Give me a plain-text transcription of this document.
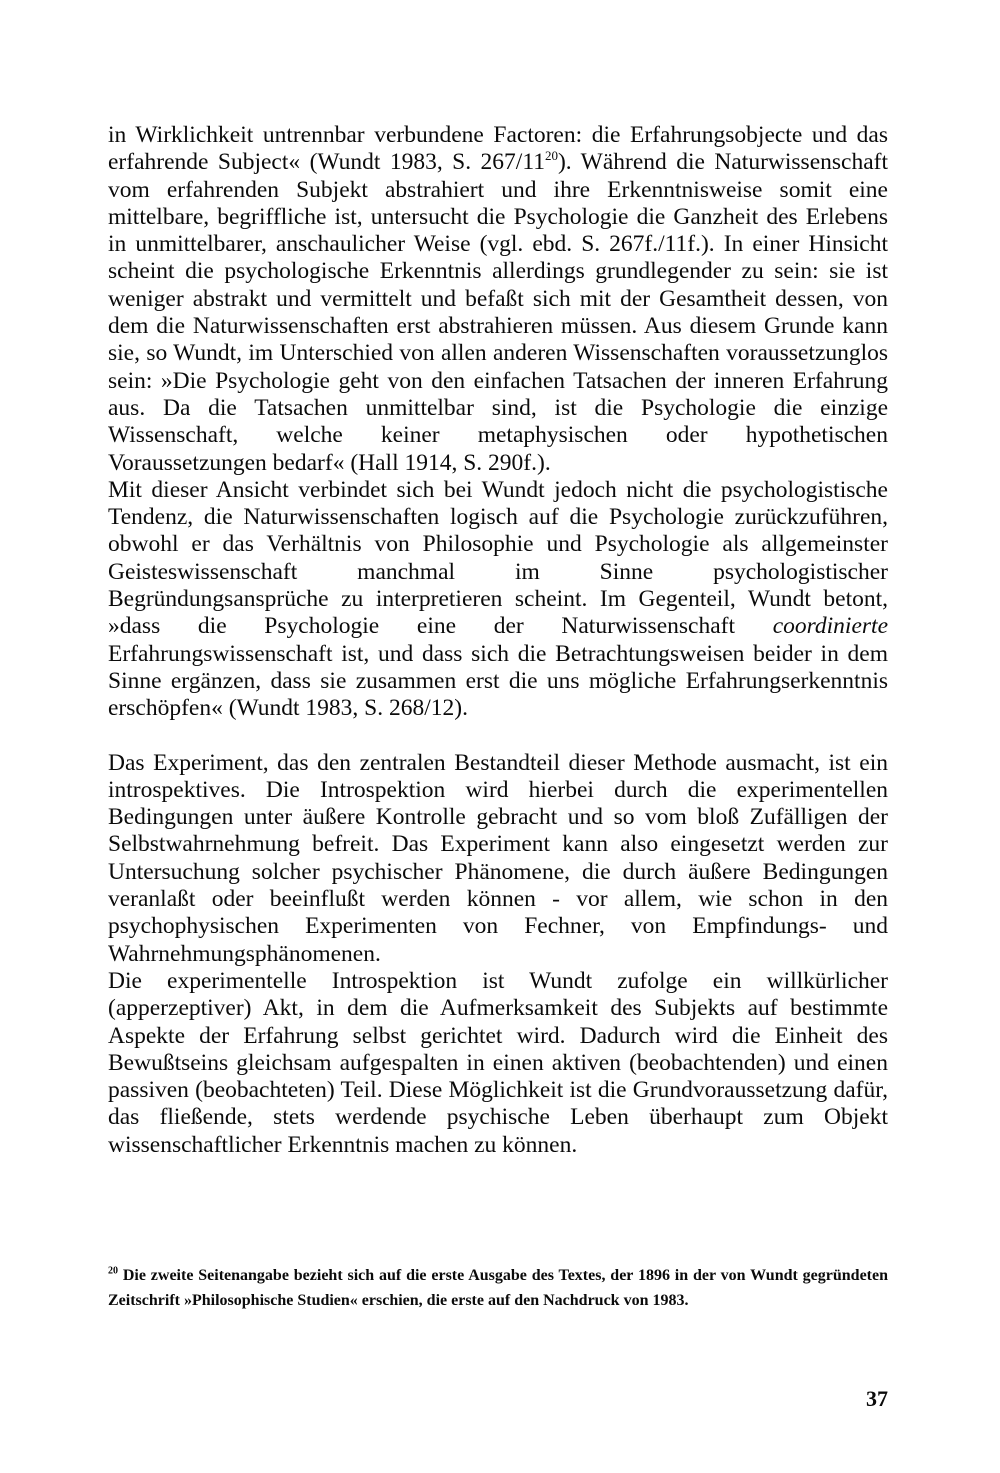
in Wirklichkeit untrennbar verbundene Factoren: die Erfahrungsobjecte und das erfahrende Subject« (Wundt 1983, S. 267/11$^{20}$). Während die Naturwissenschaft vom erfahrenden Subjekt abstrahiert und ihre Erkenntnisweise somit eine mittelbare, begriffliche ist, untersucht die Psychologie die Ganzheit des Erlebens in unmittelbarer, anschaulicher Weise (vgl. ebd. S. 267f./11f.). In einer Hinsicht scheint die psychologische Erkenntnis allerdings grundlegender zu sein: sie ist weniger abstrakt und vermittelt und befaßt sich mit der Gesamtheit dessen, von dem die Naturwissenschaften erst abstrahieren müssen. Aus diesem Grunde kann sie, so Wundt, im Unterschied von allen anderen Wissenschaften voraussetzunglos sein: »Die Psychologie geht von den einfachen Tatsachen der inneren Erfahrung aus. Da die Tatsachen unmittelbar sind, ist die Psychologie die einzige Wissenschaft, welche keiner metaphysischen oder hypothetischen Voraussetzungen bedarf« (Hall 1914, S. 290f.).

Mit dieser Ansicht verbindet sich bei Wundt jedoch nicht die psychologistische Tendenz, die Naturwissenschaften logisch auf die Psychologie zurückzuführen, obwohl er das Verhältnis von Philosophie und Psychologie als allgemeinster Geisteswissenschaft manchmal im Sinne psychologistischer Begründungsansprüche zu interpretieren scheint. Im Gegenteil, Wundt betont, »dass die Psychologie eine der Naturwissenschaft coordinierte Erfahrungswissenschaft ist, und dass sich die Betrachtungsweisen beider in dem Sinne ergänzen, dass sie zusammen erst die uns mögliche Erfahrungserkenntnis erschöpfen« (Wundt 1983, S. 268/12).

Das Experiment, das den zentralen Bestandteil dieser Methode ausmacht, ist ein introspektives. Die Introspektion wird hierbei durch die experimentellen Bedingungen unter äußere Kontrolle gebracht und so vom bloß Zufälligen der Selbstwahrnehmung befreit. Das Experiment kann also eingesetzt werden zur Untersuchung solcher psychischer Phänomene, die durch äußere Bedingungen veranlaßt oder beeinflußt werden können - vor allem, wie schon in den psychophysischen Experimenten von Fechner, von Empfindungs- und Wahrnehmungsphänomenen.

Die experimentelle Introspektion ist Wundt zufolge ein willkürlicher (apperzeptiver) Akt, in dem die Aufmerksamkeit des Subjekts auf bestimmte Aspekte der Erfahrung selbst gerichtet wird. Dadurch wird die Einheit des Bewußtseins gleichsam aufgespalten in einen aktiven (beobachtenden) und einen passiven (beobachteten) Teil. Diese Möglichkeit ist die Grundvoraussetzung dafür, das fließende, stets werdende psychische Leben überhaupt zum Objekt wissenschaftlicher Erkenntnis machen zu können.

$^{20}$ Die zweite Seitenangabe bezieht sich auf die erste Ausgabe des Textes, der 1896 in der von Wundt gegründeten Zeitschrift »Philosophische Studien« erschien, die erste auf den Nachdruck von 1983.
37
